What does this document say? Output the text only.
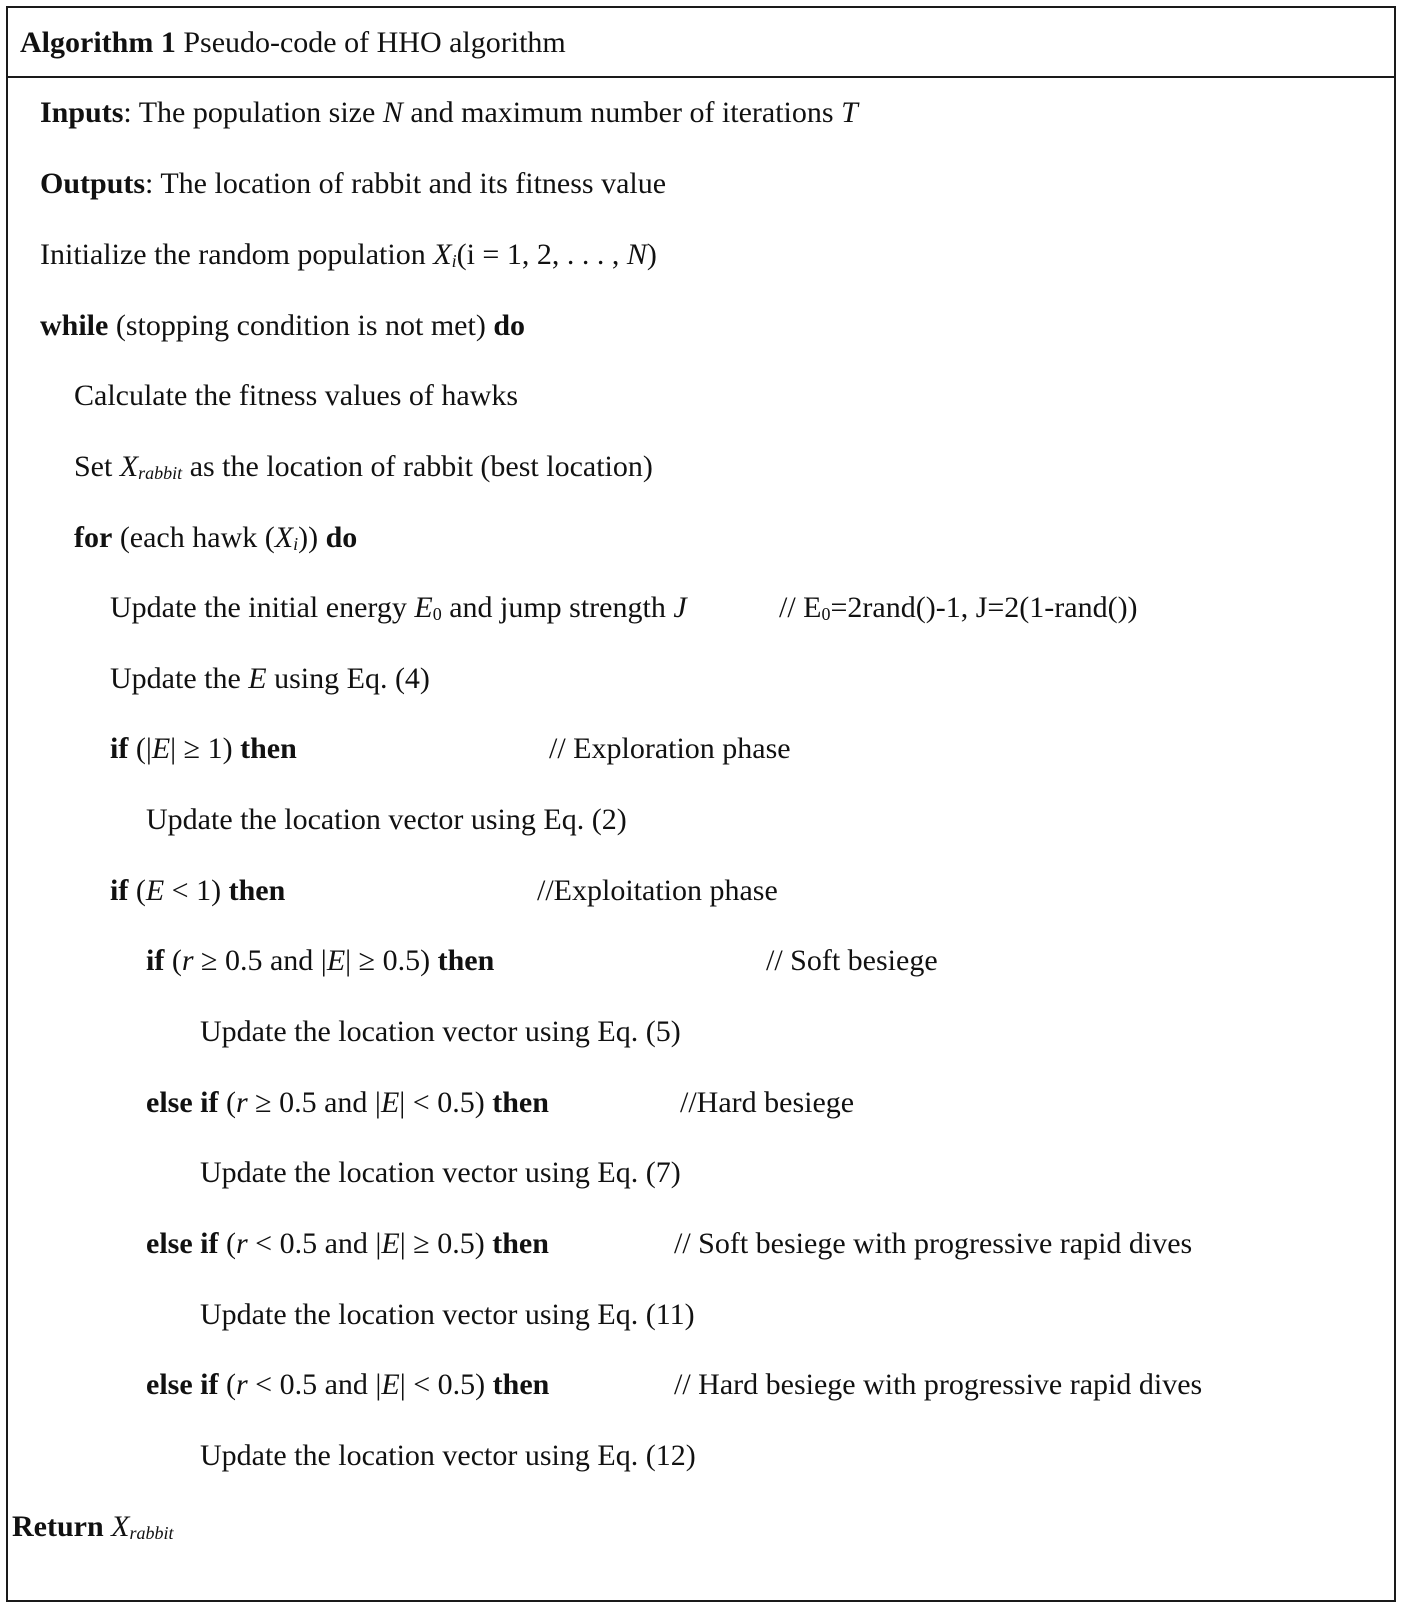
Algorithm 1 Pseudo-code of HHO algorithm
Inputs: The population size N and maximum number of iterations T
Outputs: The location of rabbit and its fitness value
Initialize the random population Xi(i = 1, 2, . . . , N)
while (stopping condition is not met) do
Calculate the fitness values of hawks
Set Xrabbit as the location of rabbit (best location)
for (each hawk (Xi)) do
Update the initial energy E0 and jump strength J	// E0=2rand()-1, J=2(1-rand())
Update the E using Eq. (4)
if (|E| ≥ 1) then	// Exploration phase
Update the location vector using Eq. (2)
if (E < 1) then	//Exploitation phase
if (r ≥ 0.5 and |E| ≥ 0.5) then	// Soft besiege
Update the location vector using Eq. (5)
else if (r ≥ 0.5 and |E| < 0.5) then	//Hard besiege
Update the location vector using Eq. (7)
else if (r < 0.5 and |E| ≥ 0.5) then	// Soft besiege with progressive rapid dives
Update the location vector using Eq. (11)
else if (r < 0.5 and |E| < 0.5) then	// Hard besiege with progressive rapid dives
Update the location vector using Eq. (12)
Return Xrabbit
